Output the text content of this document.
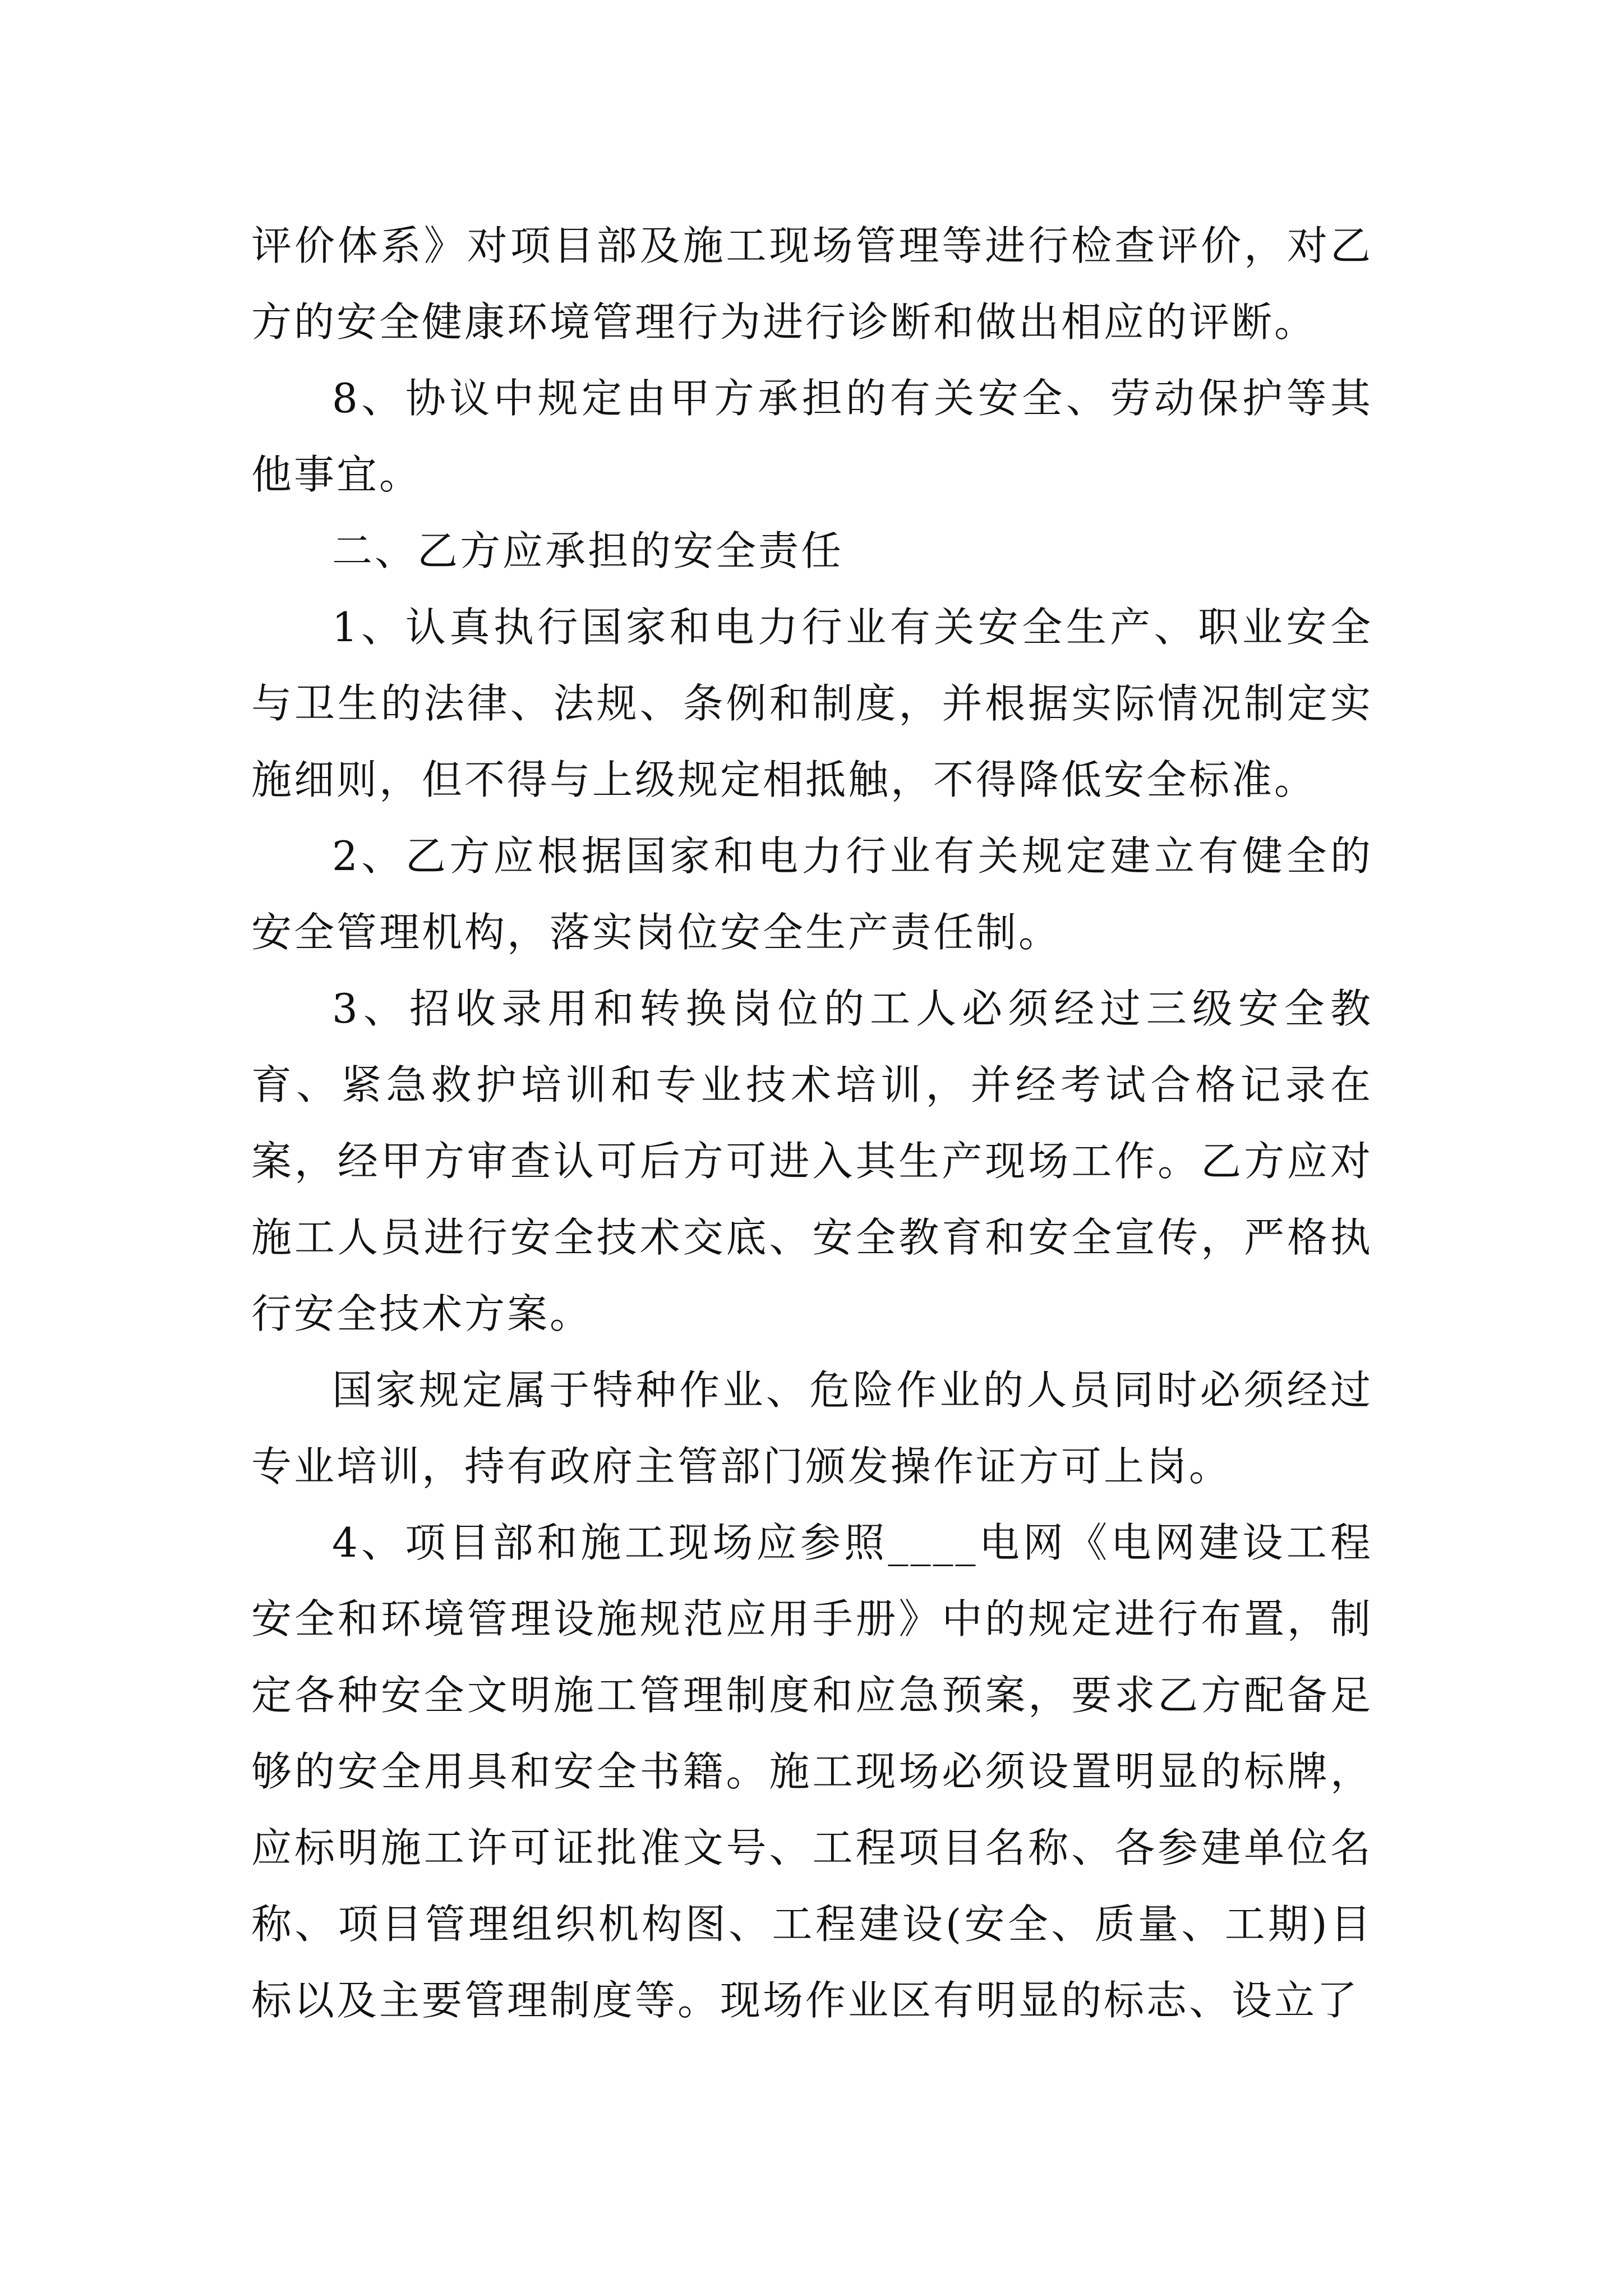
评价体系》对项目部及施工现场管理等进行检查评价，对乙方的安全健康环境管理行为进行诊断和做出相应的评断。

8、协议中规定由甲方承担的有关安全、劳动保护等其他事宜。

二、乙方应承担的安全责任

1、认真执行国家和电力行业有关安全生产、职业安全与卫生的法律、法规、条例和制度，并根据实际情况制定实施细则，但不得与上级规定相抵触，不得降低安全标准。

2、乙方应根据国家和电力行业有关规定建立有健全的安全管理机构，落实岗位安全生产责任制。

3、招收录用和转换岗位的工人必须经过三级安全教育、紧急救护培训和专业技术培训，并经考试合格记录在案，经甲方审查认可后方可进入其生产现场工作。乙方应对施工人员进行安全技术交底、安全教育和安全宣传，严格执行安全技术方案。

国家规定属于特种作业、危险作业的人员同时必须经过专业培训，持有政府主管部门颁发操作证方可上岗。

4、项目部和施工现场应参照____电网《电网建设工程安全和环境管理设施规范应用手册》中的规定进行布置，制定各种安全文明施工管理制度和应急预案，要求乙方配备足够的安全用具和安全书籍。施工现场必须设置明显的标牌，应标明施工许可证批准文号、工程项目名称、各参建单位名称、项目管理组织机构图、工程建设(安全、质量、工期)目标以及主要管理制度等。现场作业区有明显的标志、设立了
